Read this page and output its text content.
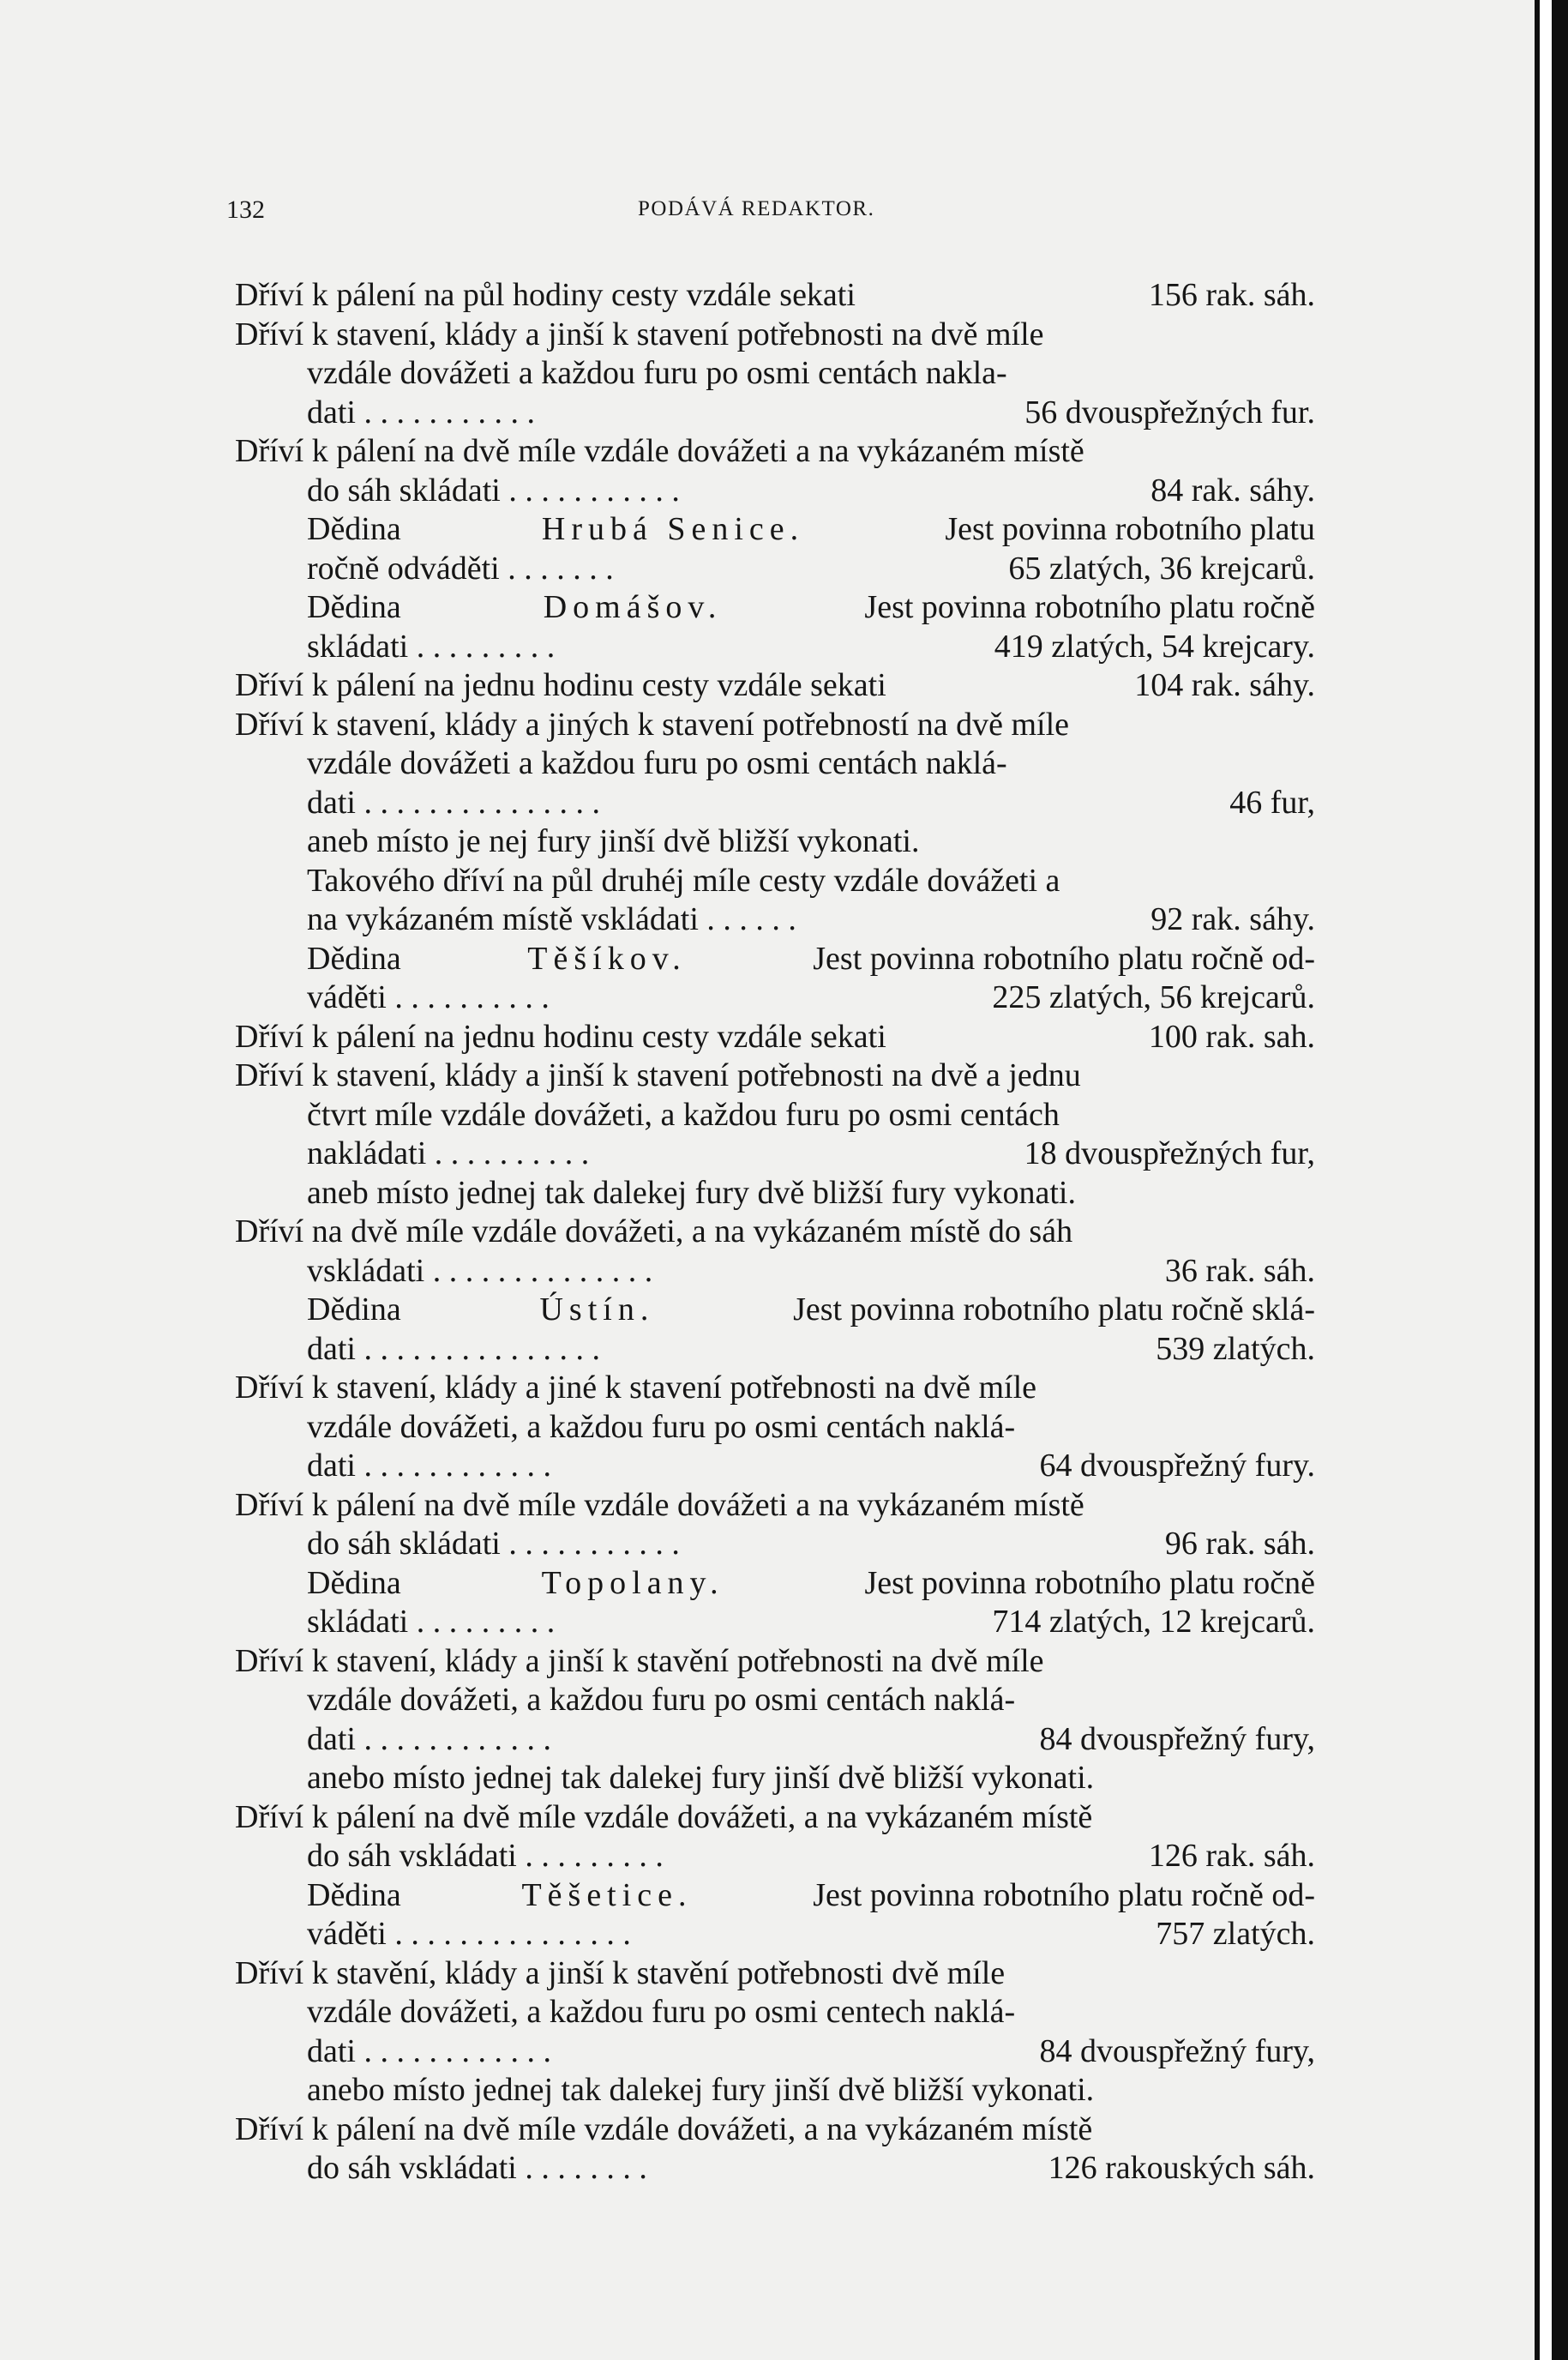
132	PODÁVÁ REDAKTOR.
Dříví k pálení na půl hodiny cesty vzdále sekati	156 rak. sáh.
Dříví k stavení, klády a jinší k stavení potřebnosti na dvě míle
vzdále dovážeti a každou furu po osmi centách nakla-
dati . . . . . . . . . . .	56 dvouspřežných fur.
Dříví k pálení na dvě míle vzdále dovážeti a na vykázaném místě
do sáh skládati . . . . . . . . . . .	84 rak. sáhy.
Dědina	Hrubá Senice.	Jest povinna robotního platu
ročně odváděti . . . . . . .	65 zlatých, 36 krejcarů.
Dědina	Domášov.	Jest povinna robotního platu ročně
skládati . . . . . . . . .	419 zlatých, 54 krejcary.
Dříví k pálení na jednu hodinu cesty vzdále sekati	104 rak. sáhy.
Dříví k stavení, klády a jiných k stavení potřebností na dvě míle
vzdále dovážeti a každou furu po osmi centách naklá-
dati . . . . . . . . . . . . . . .	46 fur,
aneb místo je nej fury jinší dvě bližší vykonati.
Takového dříví na půl druhéj míle cesty vzdále dovážeti a
na vykázaném místě vskládati . . . . . .	92 rak. sáhy.
Dědina	Těšíkov.	Jest povinna robotního platu ročně od-
váděti . . . . . . . . . .	225 zlatých, 56 krejcarů.
Dříví k pálení na jednu hodinu cesty vzdále sekati	100 rak. sah.
Dříví k stavení, klády a jinší k stavení potřebnosti na dvě a jednu
čtvrt míle vzdále dovážeti, a každou furu po osmi centách
nakládati . . . . . . . . . .	18 dvouspřežných fur,
aneb místo jednej tak dalekej fury dvě bližší fury vykonati.
Dříví na dvě míle vzdále dovážeti, a na vykázaném místě do sáh
vskládati . . . . . . . . . . . . . .	36 rak. sáh.
Dědina	Ústín.	Jest povinna robotního platu ročně sklá-
dati . . . . . . . . . . . . . . .	539 zlatých.
Dříví k stavení, klády a jiné k stavení potřebnosti na dvě míle
vzdále dovážeti, a každou furu po osmi centách naklá-
dati . . . . . . . . . . . .	64 dvouspřežný fury.
Dříví k pálení na dvě míle vzdále dovážeti a na vykázaném místě
do sáh skládati . . . . . . . . . . .	96 rak. sáh.
Dědina	Topolany.	Jest povinna robotního platu ročně
skládati . . . . . . . . .	714 zlatých, 12 krejcarů.
Dříví k stavení, klády a jinší k stavění potřebnosti na dvě míle
vzdále dovážeti, a každou furu po osmi centách naklá-
dati . . . . . . . . . . . .	84 dvouspřežný fury,
anebo místo jednej tak dalekej fury jinší dvě bližší vykonati.
Dříví k pálení na dvě míle vzdále dovážeti, a na vykázaném místě
do sáh vskládati . . . . . . . . .	126 rak. sáh.
Dědina	Těšetice.	Jest povinna robotního platu ročně od-
váděti . . . . . . . . . . . . . . .	757 zlatých.
Dříví k stavění, klády a jinší k stavění potřebnosti dvě míle
vzdále dovážeti, a každou furu po osmi centech naklá-
dati . . . . . . . . . . . .	84 dvouspřežný fury,
anebo místo jednej tak dalekej fury jinší dvě bližší vykonati.
Dříví k pálení na dvě míle vzdále dovážeti, a na vykázaném místě
do sáh vskládati . . . . . . . .	126 rakouských sáh.
